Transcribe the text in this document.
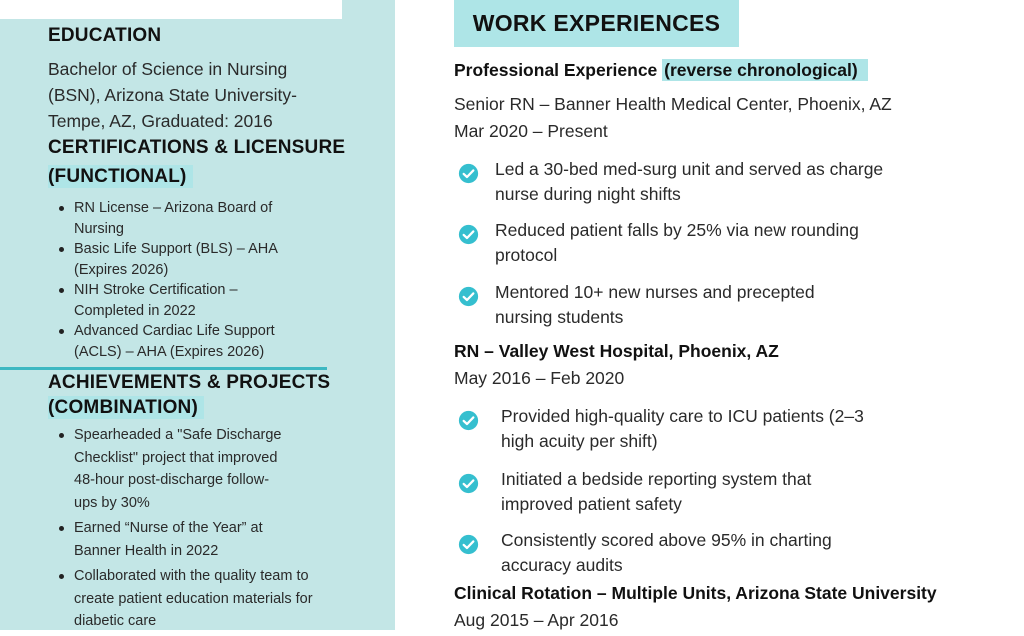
EDUCATION
Bachelor of Science in Nursing
(BSN), Arizona State University-
Tempe, AZ, Graduated: 2016
CERTIFICATIONS & LICENSURE
(FUNCTIONAL)
RN License – Arizona Board of
Nursing
Basic Life Support (BLS) – AHA
(Expires 2026)
NIH Stroke Certification –
Completed in 2022
Advanced Cardiac Life Support
(ACLS) – AHA (Expires 2026)
ACHIEVEMENTS & PROJECTS
(COMBINATION)
Spearheaded a "Safe Discharge
Checklist" project that improved
48-hour post-discharge follow-
ups by 30%
Earned “Nurse of the Year” at
Banner Health in 2022
Collaborated with the quality team to
create patient education materials for
diabetic care
WORK EXPERIENCES
Professional Experience (reverse chronological)
Senior RN – Banner Health Medical Center, Phoenix, AZ
Mar 2020 – Present
Led a 30-bed med-surg unit and served as charge
nurse during night shifts
Reduced patient falls by 25% via new rounding
protocol
Mentored 10+ new nurses and precepted
nursing students
RN – Valley West Hospital, Phoenix, AZ
May 2016 – Feb 2020
Provided high-quality care to ICU patients (2–3
high acuity per shift)
Initiated a bedside reporting system that
improved patient safety
Consistently scored above 95% in charting
accuracy audits
Clinical Rotation – Multiple Units, Arizona State University
Aug 2015 – Apr 2016
